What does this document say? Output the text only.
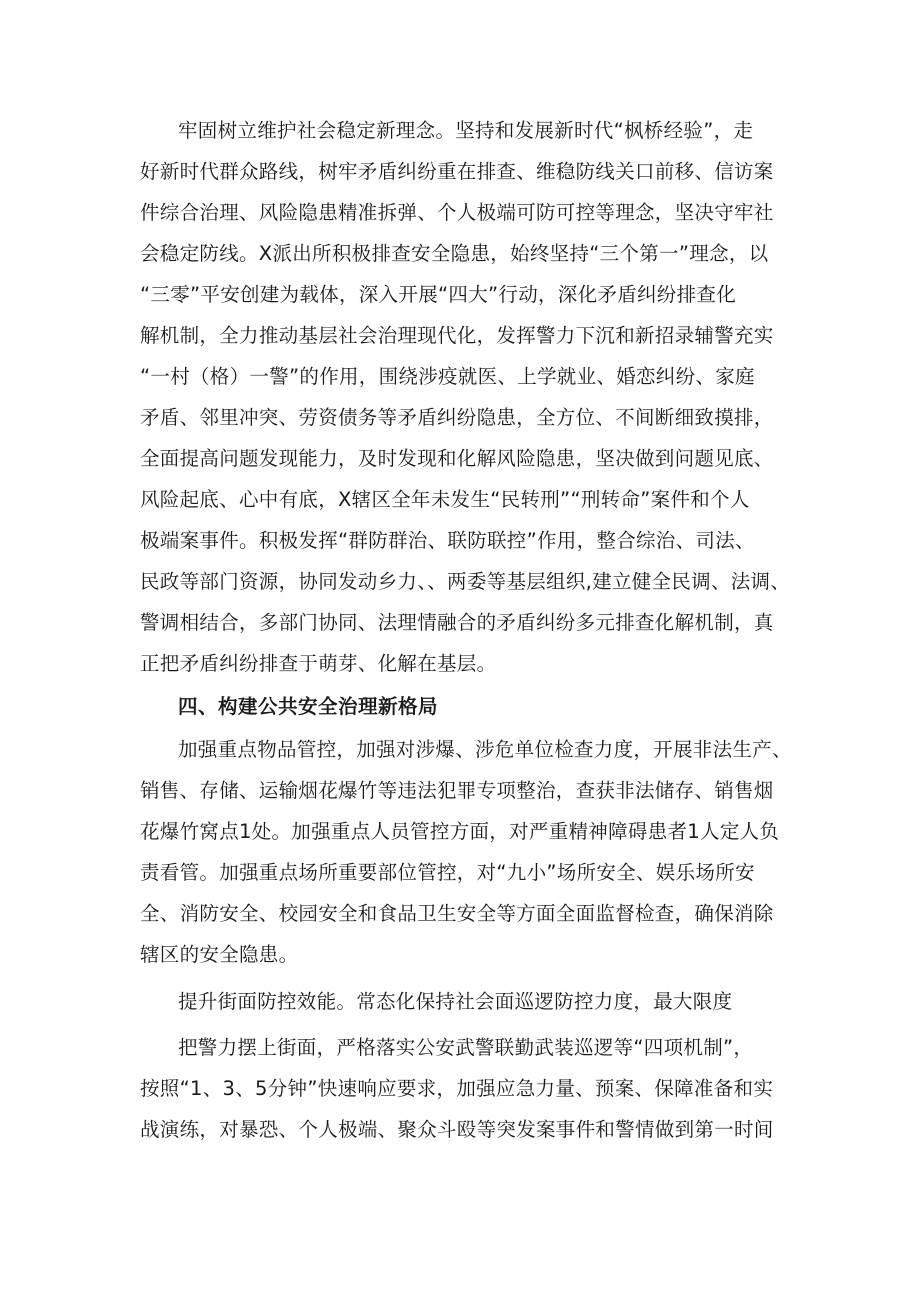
牢固树立维护社会稳定新理念。坚持和发展新时代“枫桥经验”，走
好新时代群众路线，树牢矛盾纠纷重在排查、维稳防线关口前移、信访案
件综合治理、风险隐患精准拆弹、个人极端可防可控等理念，坚决守牢社
会稳定防线。X派出所积极排查安全隐患，始终坚持“三个第一”理念，以
“三零”平安创建为载体，深入开展“四大”行动，深化矛盾纠纷排查化
解机制，全力推动基层社会治理现代化，发挥警力下沉和新招录辅警充实
“一村（格）一警”的作用，围绕涉疫就医、上学就业、婚恋纠纷、家庭
矛盾、邻里冲突、劳资债务等矛盾纠纷隐患，全方位、不间断细致摸排，
全面提高问题发现能力，及时发现和化解风险隐患，坚决做到问题见底、
风险起底、心中有底，X辖区全年未发生“民转刑”“刑转命”案件和个人
极端案事件。积极发挥“群防群治、联防联控”作用，整合综治、司法、
民政等部门资源，协同发动乡力、、两委等基层组织,建立健全民调、法调、
警调相结合，多部门协同、法理情融合的矛盾纠纷多元排查化解机制，真
正把矛盾纠纷排查于萌芽、化解在基层。
四、构建公共安全治理新格局
加强重点物品管控，加强对涉爆、涉危单位检查力度，开展非法生产、
销售、存储、运输烟花爆竹等违法犯罪专项整治，查获非法储存、销售烟
花爆竹窝点1处。加强重点人员管控方面，对严重精神障碍患者1人定人负
责看管。加强重点场所重要部位管控，对“九小”场所安全、娱乐场所安
全、消防安全、校园安全和食品卫生安全等方面全面监督检查，确保消除
辖区的安全隐患。
提升街面防控效能。常态化保持社会面巡逻防控力度，最大限度
把警力摆上街面，严格落实公安武警联勤武装巡逻等“四项机制”，
按照“1、3、5分钟”快速响应要求，加强应急力量、预案、保障准备和实
战演练，对暴恐、个人极端、聚众斗殴等突发案事件和警情做到第一时间
